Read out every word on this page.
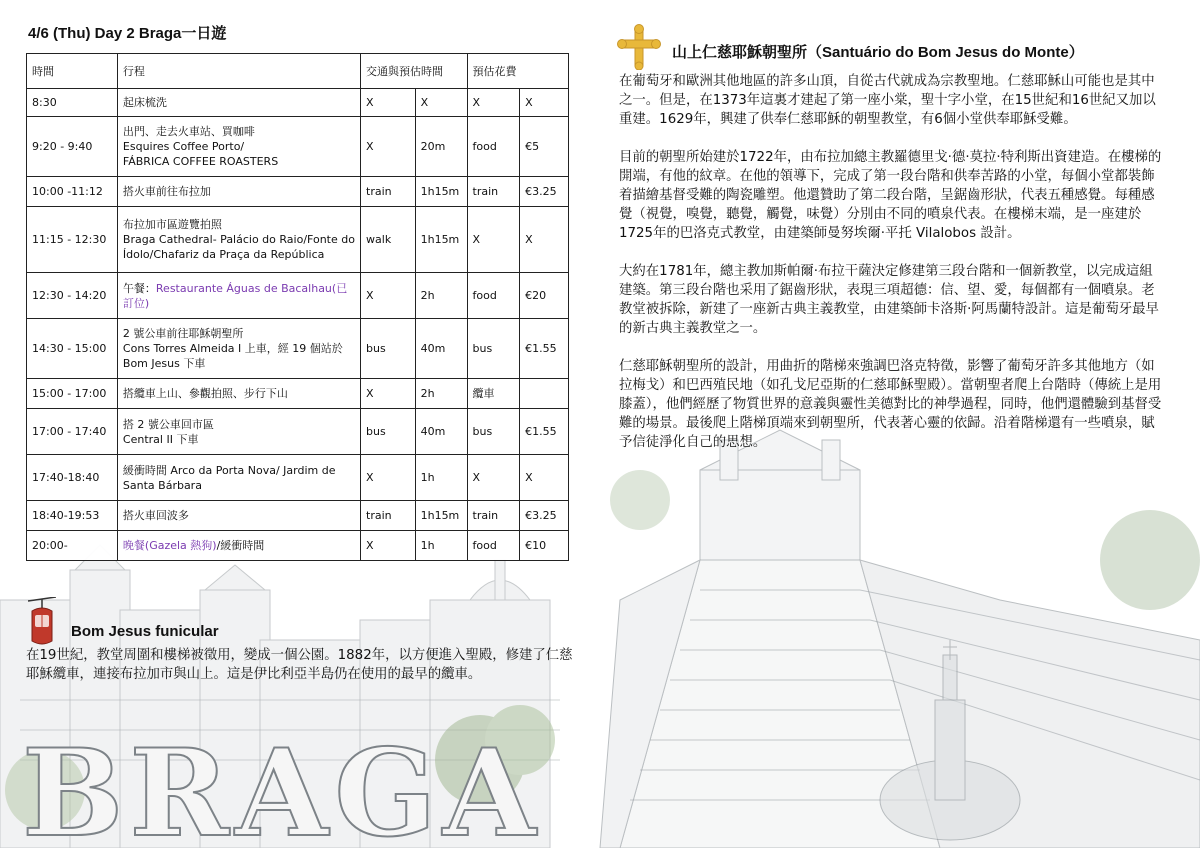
BRAGA
4/6 (Thu) Day 2 Braga一日遊
時間	行程	交通與預估時間		預估花費	
8:30	起床梳洗	X	X	X	X
9:20 - 9:40	出門、走去火車站、買咖啡
Esquires Coffee Porto/
FÁBRICA COFFEE ROASTERS	X	20m	food	€5
10:00 -11:12	搭火車前往布拉加	train	1h15m	train	€3.25
11:15 - 12:30	布拉加市區遊覽拍照
Braga Cathedral- Palácio do Raio/Fonte do Ídolo/Chafariz da Praça da República	walk	1h15m	X	X
12:30 - 14:20	午餐：Restaurante Águas de Bacalhau(已訂位)	X	2h	food	€20
14:30 - 15:00	2 號公車前往耶穌朝聖所
Cons Torres Almeida I 上車，經 19 個站於 Bom Jesus 下車	bus	40m	bus	€1.55
15:00 - 17:00	搭纜車上山、參觀拍照、步行下山	X	2h	纜車	
17:00 - 17:40	搭 2 號公車回市區
Central II 下車	bus	40m	bus	€1.55
17:40-18:40	緩衝時間 Arco da Porta Nova/ Jardim de Santa Bárbara	X	1h	X	X
18:40-19:53	搭火車回波多	train	1h15m	train	€3.25
20:00-	晚餐(Gazela 熱狗)/緩衝時間	X	1h	food	€10
Bom Jesus funicular
在19世紀，教堂周圍和樓梯被徵用，變成一個公園。1882年，以方便進入聖殿，修建了仁慈耶穌纜車，連接布拉加市與山上。這是伊比利亞半島仍在使用的最早的纜車。
山上仁慈耶穌朝聖所（Santuário do Bom Jesus do Monte）

在葡萄牙和歐洲其他地區的許多山頂，自從古代就成為宗教聖地。仁慈耶穌山可能也是其中之一。但是，在1373年這裏才建起了第一座小棠，聖十字小堂，在15世紀和16世紀又加以重建。1629年，興建了供奉仁慈耶穌的朝聖教堂，有6個小堂供奉耶穌受難。

目前的朝聖所始建於1722年，由布拉加總主教羅德里戈·德·莫拉·特利斯出資建造。在樓梯的開端，有他的紋章。在他的領導下，完成了第一段台階和供奉苦路的小堂，每個小堂都裝飾着描繪基督受難的陶瓷雕塑。他還贊助了第二段台階，呈鋸齒形狀，代表五種感覺。每種感覺（視覺，嗅覺，聽覺，觸覺，味覺）分別由不同的噴泉代表。在樓梯末端，是一座建於1725年的巴洛克式教堂，由建築師曼努埃爾·平托 Vilalobos 設計。

大約在1781年，總主教加斯帕爾·布拉干薩決定修建第三段台階和一個新教堂，以完成這組建築。第三段台階也采用了鋸齒形狀，表現三項超德：信、望、愛，每個都有一個噴泉。老教堂被拆除，新建了一座新古典主義教堂，由建築師卡洛斯·阿馬蘭特設計。這是葡萄牙最早的新古典主義教堂之一。

仁慈耶穌朝聖所的設計，用曲折的階梯來強調巴洛克特徵，影響了葡萄牙許多其他地方（如拉梅戈）和巴西殖民地（如孔戈尼亞斯的仁慈耶穌聖殿）。當朝聖者爬上台階時（傳統上是用膝蓋），他們經歷了物質世界的意義與靈性美德對比的神學過程，同時，他們還體驗到基督受難的場景。最後爬上階梯頂端來到朝聖所，代表著心靈的依歸。沿着階梯還有一些噴泉，賦予信徒淨化自己的思想。
